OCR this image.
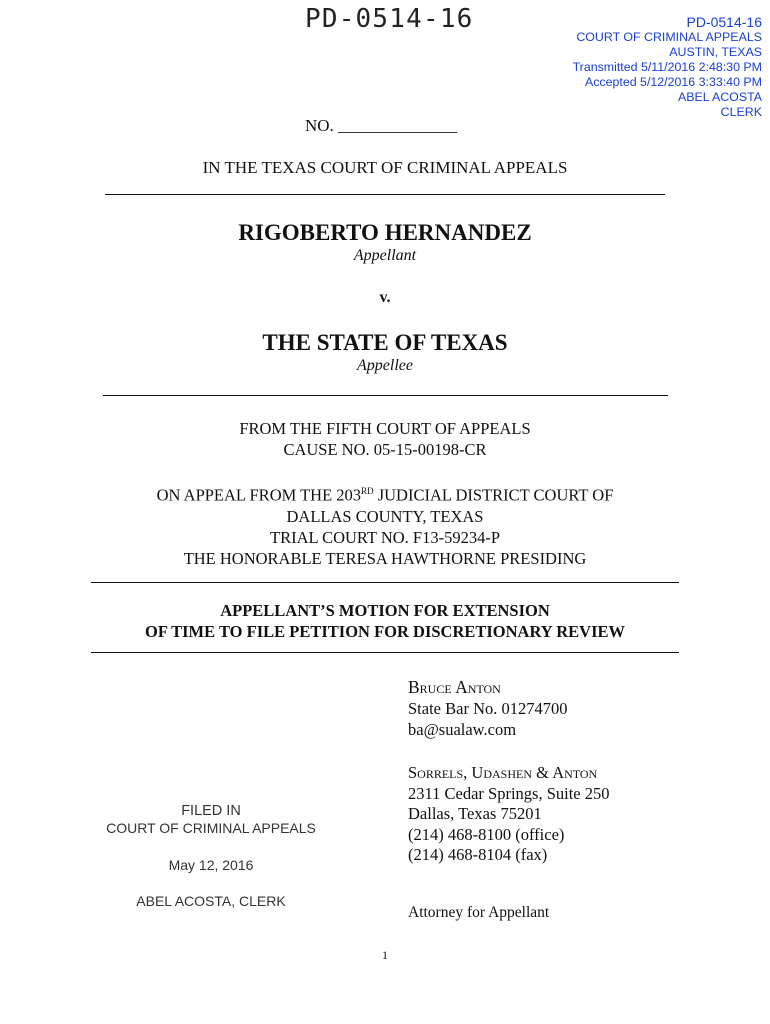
PD-0514-16	PD-0514-16
COURT OF CRIMINAL APPEALS
AUSTIN, TEXAS
Transmitted 5/11/2016 2:48:30 PM
Accepted 5/12/2016 3:33:40 PM
ABEL ACOSTA
CLERK
NO. ______________
IN THE TEXAS COURT OF CRIMINAL APPEALS
RIGOBERTO HERNANDEZ
Appellant
v.
THE STATE OF TEXAS
Appellee
FROM THE FIFTH COURT OF APPEALS
CAUSE NO. 05-15-00198-CR
ON APPEAL FROM THE 203RD JUDICIAL DISTRICT COURT OF
DALLAS COUNTY, TEXAS
TRIAL COURT NO. F13-59234-P
THE HONORABLE TERESA HAWTHORNE PRESIDING
APPELLANT’S MOTION FOR EXTENSION
OF TIME TO FILE PETITION FOR DISCRETIONARY REVIEW
Bruce Anton
State Bar No. 01274700
ba@sualaw.com
Sorrels, Udashen & Anton
2311 Cedar Springs, Suite 250
Dallas, Texas 75201
(214) 468-8100 (office)
(214) 468-8104 (fax)
Attorney for Appellant
FILED IN
COURT OF CRIMINAL APPEALS
May 12, 2016
ABEL ACOSTA, CLERK
1
